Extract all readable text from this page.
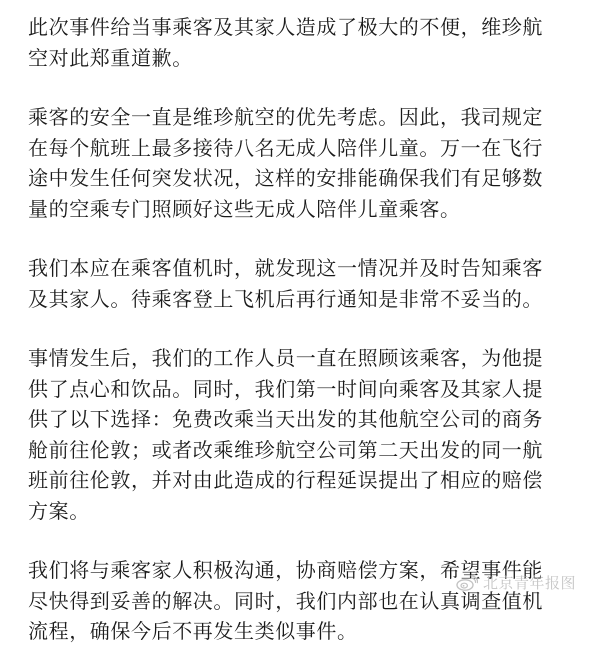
此次事件给当事乘客及其家人造成了极大的不便，维珍航
空对此郑重道歉。

乘客的安全一直是维珍航空的优先考虑。因此，我司规定
在每个航班上最多接待八名无成人陪伴儿童。万一在飞行
途中发生任何突发状况，这样的安排能确保我们有足够数
量的空乘专门照顾好这些无成人陪伴儿童乘客。

我们本应在乘客值机时，就发现这一情况并及时告知乘客
及其家人。待乘客登上飞机后再行通知是非常不妥当的。

事情发生后，我们的工作人员一直在照顾该乘客，为他提
供了点心和饮品。同时，我们第一时间向乘客及其家人提
供了以下选择：免费改乘当天出发的其他航空公司的商务
舱前往伦敦；或者改乘维珍航空公司第二天出发的同一航
班前往伦敦，并对由此造成的行程延误提出了相应的赔偿
方案。

我们将与乘客家人积极沟通，协商赔偿方案，希望事件能
尽快得到妥善的解决。同时，我们内部也在认真调查值机
流程，确保今后不再发生类似事件。

北京青年报图
